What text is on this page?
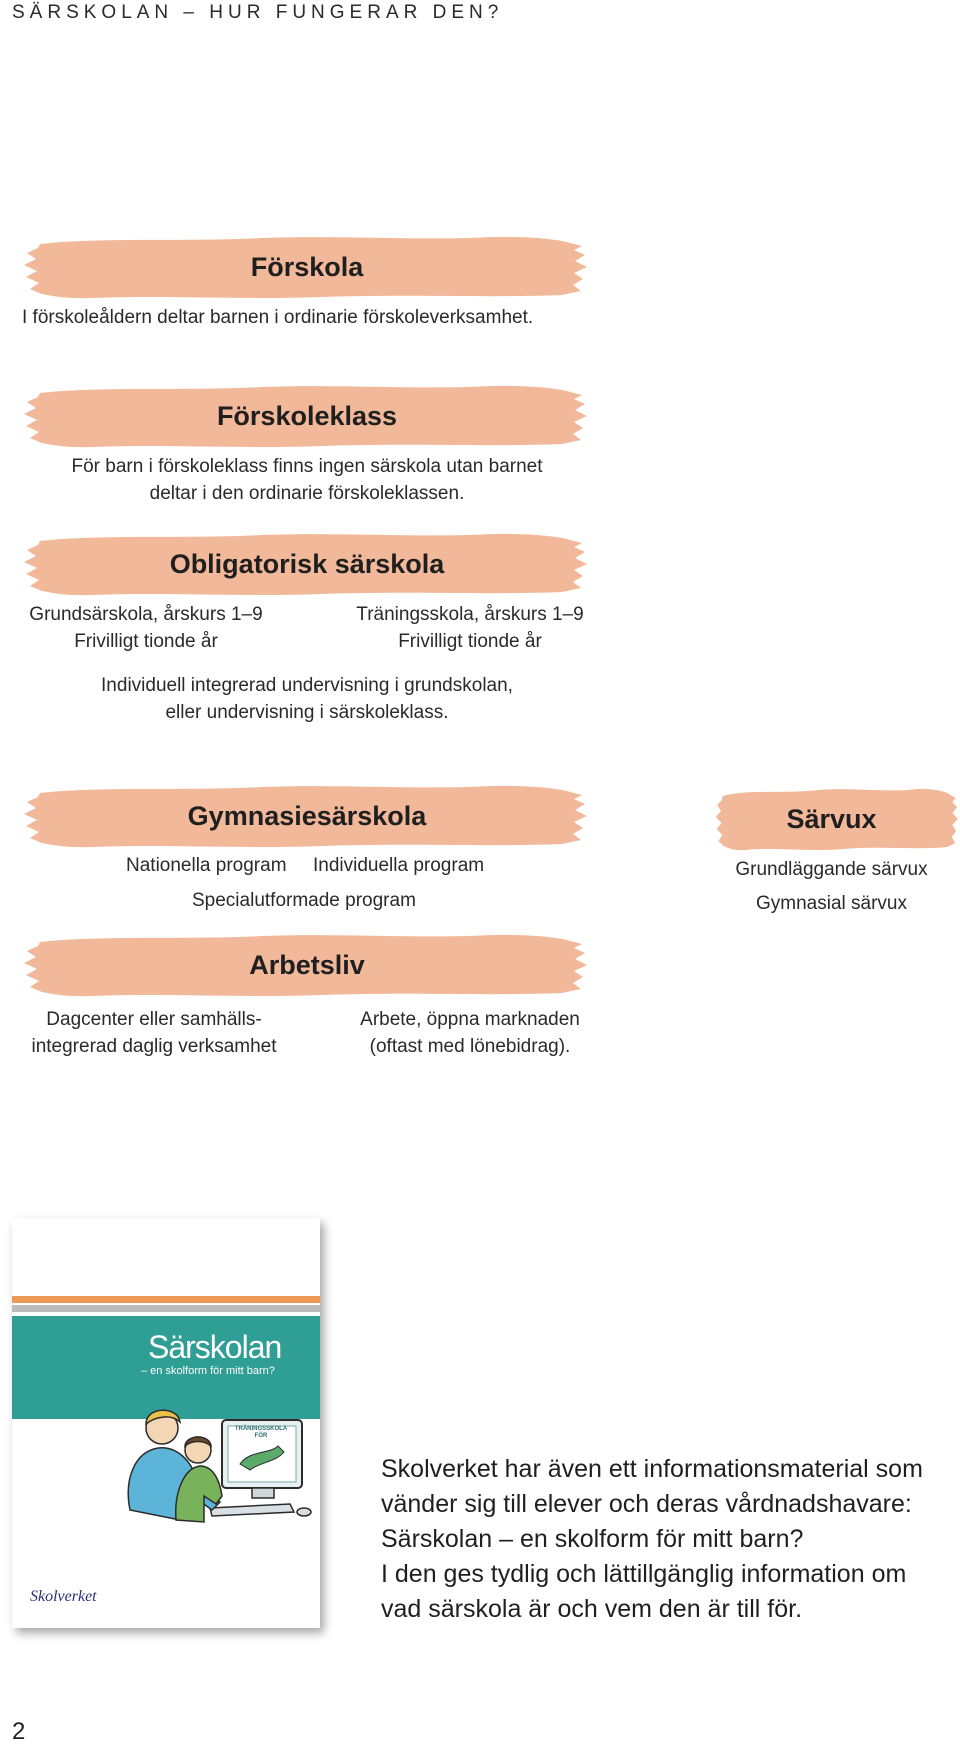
SÄRSKOLAN – HUR FUNGERAR DEN?
Förskola
I förskoleåldern deltar barnen i ordinarie förskoleverksamhet.
Förskoleklass
För barn i förskoleklass finns ingen särskola utan barnet
deltar i den ordinarie förskoleklassen.
Obligatorisk särskola
Grundsärskola, årskurs 1–9
Frivilligt tionde år
Träningsskola, årskurs 1–9
Frivilligt tionde år
Individuell integrerad undervisning i grundskolan,
eller undervisning i särskoleklass.
Gymnasiesärskola
Nationella program Individuella program
Specialutformade program
Särvux
Grundläggande särvux
Gymnasial särvux
Arbetsliv
Dagcenter eller samhälls-
integrerad daglig verksamhet
Arbete, öppna marknaden
(oftast med lönebidrag).
Särskolan
– en skolform för mitt barn?
TRÄNINGSSKOLA FÖR
Skolverket
Skolverket har även ett informationsmaterial som
vänder sig till elever och deras vårdnadshavare:
Särskolan – en skolform för mitt barn?
I den ges tydlig och lättillgänglig information om
vad särskola är och vem den är till för.
2
